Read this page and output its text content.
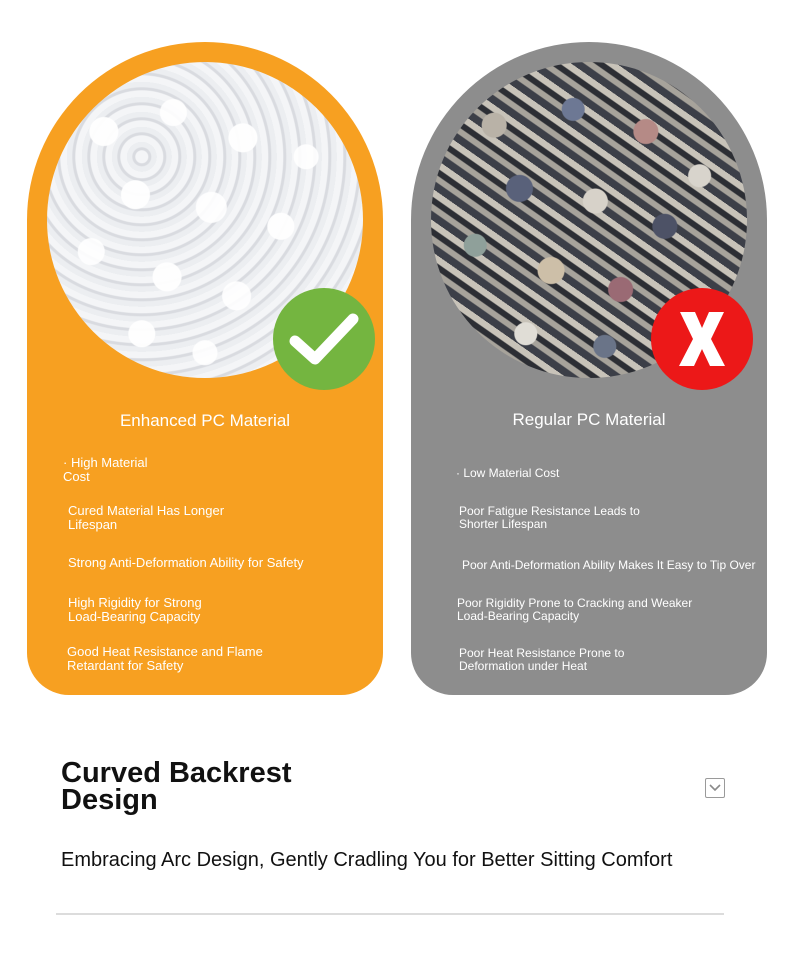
Enhanced PC Material
· High Material
Cost
Cured Material Has Longer
Lifespan
Strong Anti-Deformation Ability for Safety
High Rigidity for Strong
Load-Bearing Capacity
Good Heat Resistance and Flame
Retardant for Safety
Regular PC Material
· Low Material Cost
Poor Fatigue Resistance Leads to
Shorter Lifespan
Poor Anti-Deformation Ability Makes It Easy to Tip Over
Poor Rigidity Prone to Cracking and Weaker
Load-Bearing Capacity
Poor Heat Resistance Prone to
Deformation under Heat
Curved Backrest
Design
Embracing Arc Design, Gently Cradling You for Better Sitting Comfort
